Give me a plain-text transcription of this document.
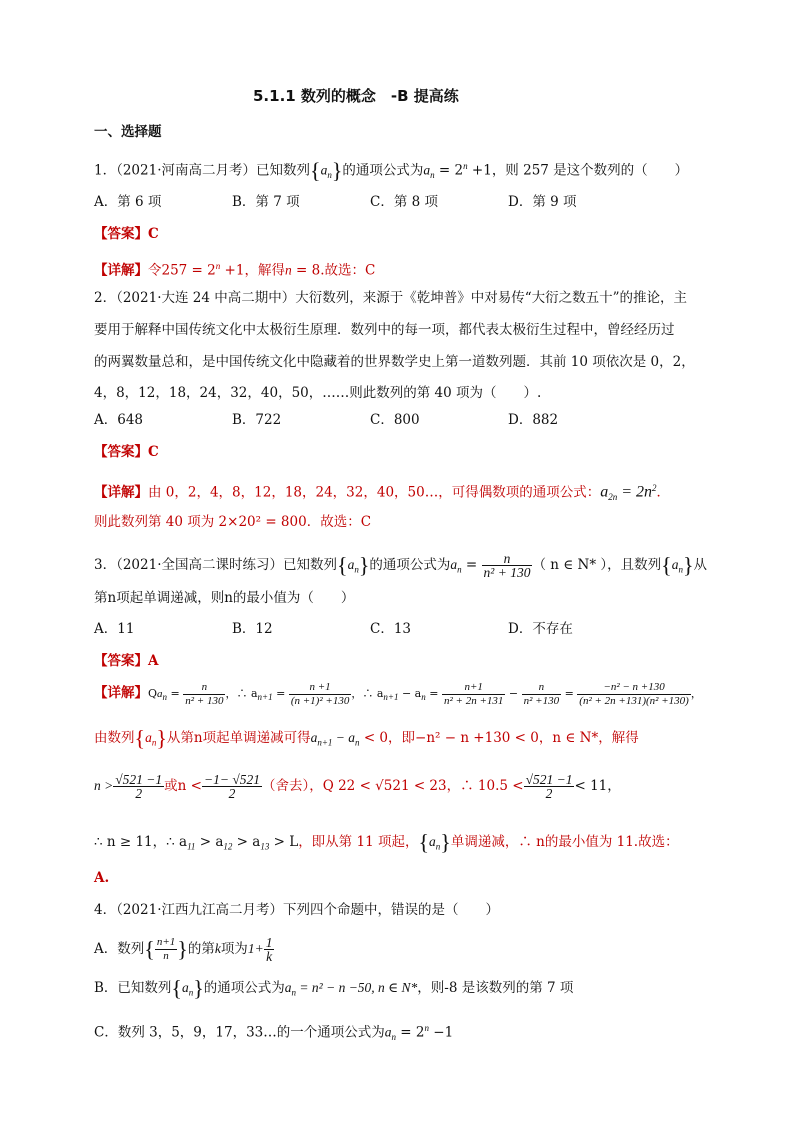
5.1.1 数列的概念　-B 提高练
一、选择题
1．（2021·河南高二月考）已知数列$\{a_n\}$的通项公式为$a_n = 2^n +1$，则 257 是这个数列的（　　）
A．第 6 项	B．第 7 项	C．第 8 项	D．第 9 项
【答案】C
【详解】令$257 = 2^n +1$，解得n = 8.故选：C
2．（2021·大连 24 中高二期中）大衍数列，来源于《乾坤普》中对易传“大衍之数五十”的推论，主
要用于解释中国传统文化中太极衍生原理．数列中的每一项，都代表太极衍生过程中，曾经经历过
的两翼数量总和，是中国传统文化中隐藏着的世界数学史上第一道数列题．其前 10 项依次是 0，2，
4，8，12，18，24，32，40，50，……则此数列的第 40 项为（　　）.
A．648	B．722	C．800	D．882
【答案】C
【详解】由 0，2，4，8，12，18，24，32，40，50…，可得偶数项的通项公式：$a_{2n} = 2n^2$．
则此数列第 40 项为 2×20² = 800．故选：C
3．（2021·全国高二课时练习）已知数列$\{a_n\}$的通项公式为$a_n = \frac{n}{\text{n² + 130}}$ （ n ∈ N* ），且数列$\{a_n\}$从
第n项起单调递减，则n的最小值为（　　）
A．11	B．12	C．13	D．不存在
【答案】A
【详解】$Qa_n = \frac{n}{\text{n² + 130}}$ ，∴ $a_{n+1} = \frac{n +1}{\text{(n +1)² +130}}$ ，∴ $a_{n+1} - a_n = \frac{n+1}{\text{n² + 2n +131}} - \frac{n}{\text{n² +130}} = \frac{\text{−n² − n +130}}{\text{(n² + 2n +131)(n² +130)}}$ ，
由数列$\{a_n\}$从第n项起单调递减可得$a_{n+1} - a_n < 0$，即−n² − n +130 < 0，n ∈ N*，解得
$n > \frac{√521 -1}{2}$ 或$n < \frac{-1- √521}{2}$ （舍去），Q 22 < √521 < 23，∴ $10.5 < \frac{√521 -1}{2} < 11$，
∴ n ≥ 11，∴ $a_{11} > a_{12} > a_{13} > L$，即从第 11 项起，$\{a_n\}$单调递减，∴ n的最小值为 11.故选：
A.
4．（2021·江西九江高二月考）下列四个命题中，错误的是（　　）
A．数列{ $\frac{n+1}{n}$ }的第k项为$1+ \frac{1}{k}$
B．已知数列$\{a_n\}$的通项公式为$a_n = n^2 - n -50$, n ∈ N*，则-8 是该数列的第 7 项
C．数列 3，5，9，17，33…的一个通项公式为$a_n = 2^n -1$
